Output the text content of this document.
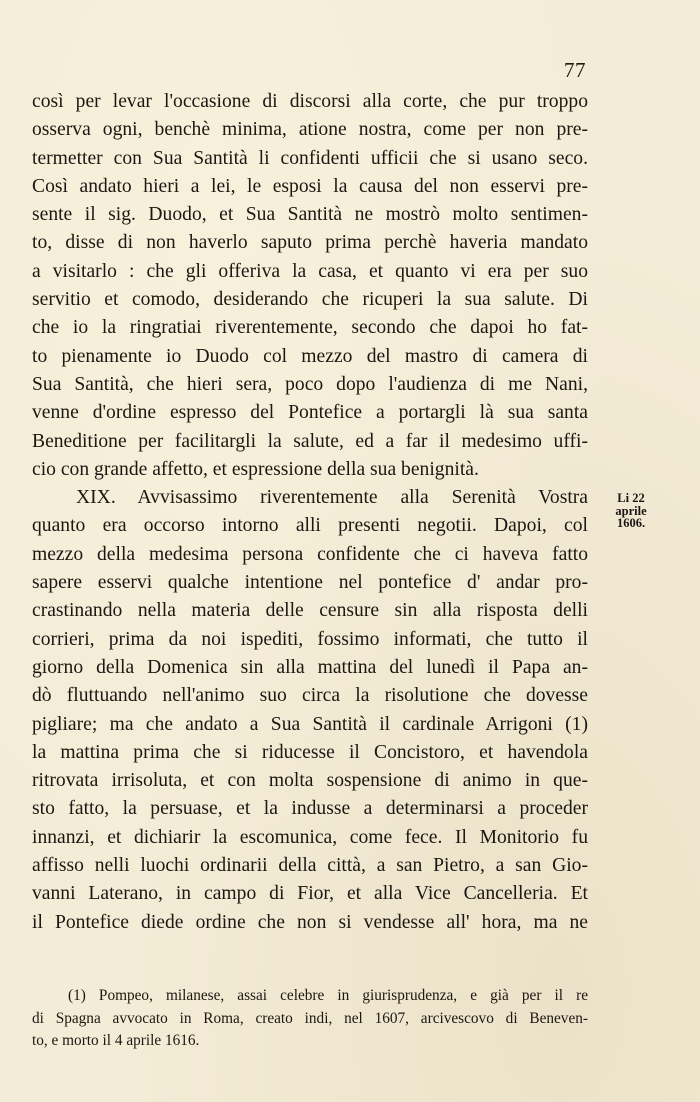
77
così per levar l'occasione di discorsi alla corte, che pur troppo
osserva ogni, benchè minima, atione nostra, come per non pre-
termetter con Sua Santità li confidenti ufficii che si usano seco.
Così andato hieri a lei, le esposi la causa del non esservi pre-
sente il sig. Duodo, et Sua Santità ne mostrò molto sentimen-
to, disse di non haverlo saputo prima perchè haveria mandato
a visitarlo : che gli offeriva la casa, et quanto vi era per suo
servitio et comodo, desiderando che ricuperi la sua salute. Di
che io la ringratiai riverentemente, secondo che dapoi ho fat-
to pienamente io Duodo col mezzo del mastro di camera di
Sua Santità, che hieri sera, poco dopo l'audienza di me Nani,
venne d'ordine espresso del Pontefice a portargli là sua santa
Beneditione per facilitargli la salute, ed a far il medesimo uffi-
cio con grande affetto, et espressione della sua benignità.
XIX. Avvisassimo riverentemente alla Serenità Vostra
quanto era occorso intorno alli presenti negotii. Dapoi, col
mezzo della medesima persona confidente che ci haveva fatto
sapere esservi qualche intentione nel pontefice d' andar pro-
crastinando nella materia delle censure sin alla risposta delli
corrieri, prima da noi ispediti, fossimo informati, che tutto il
giorno della Domenica sin alla mattina del lunedì il Papa an-
dò fluttuando nell'animo suo circa la risolutione che dovesse
pigliare; ma che andato a Sua Santità il cardinale Arrigoni (1)
la mattina prima che si riducesse il Concistoro, et havendola
ritrovata irrisoluta, et con molta sospensione di animo in que-
sto fatto, la persuase, et la indusse a determinarsi a proceder
innanzi, et dichiarir la escomunica, come fece. Il Monitorio fu
affisso nelli luochi ordinarii della città, a san Pietro, a san Gio-
vanni Laterano, in campo di Fior, et alla Vice Cancelleria. Et
il Pontefice diede ordine che non si vendesse all' hora, ma ne
Li 22
aprile
1606.
(1) Pompeo, milanese, assai celebre in giurisprudenza, e già per il re
di Spagna avvocato in Roma, creato indi, nel 1607, arcivescovo di Beneven-
to, e morto il 4 aprile 1616.
